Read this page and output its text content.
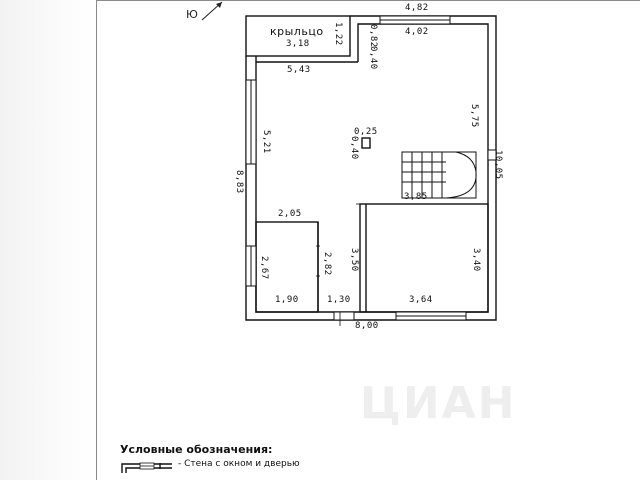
Ю
крыльцо
4,82
4,02
3,18	1,22
5,43
0,82
0,40
5,75
10,05
5,21
8,83
0,25
0,40
3,85
2,05
2,67	2,82 3,50	3,40
1,90	1,30	3,64
8,00
ЦИАН
Условные обозначения:
- Стена с окном и дверью
